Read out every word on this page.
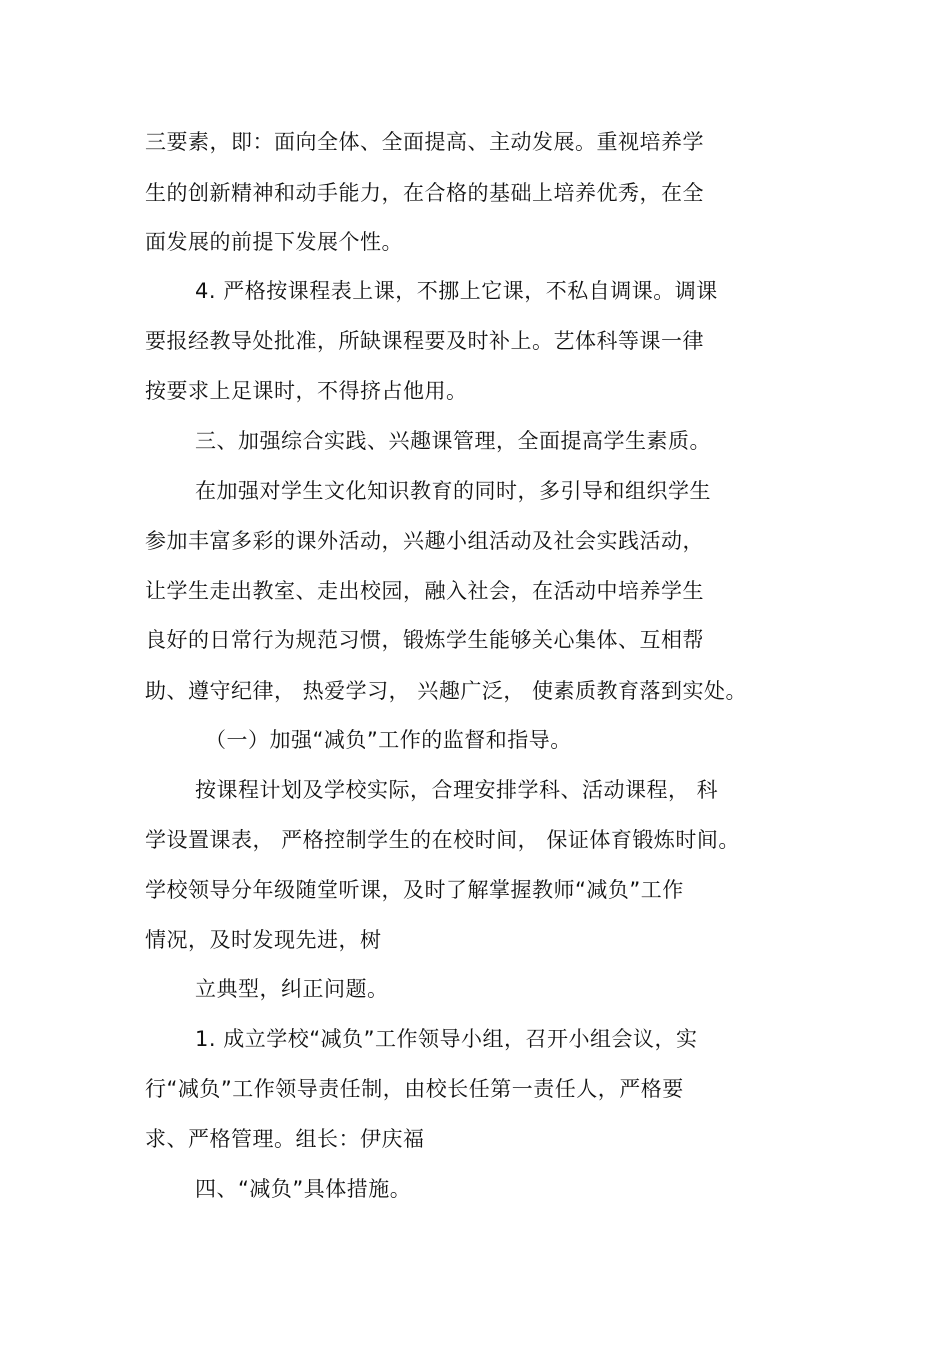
三要素，即：面向全体、全面提高、主动发展。重视培养学

生的创新精神和动手能力，在合格的基础上培养优秀，在全

面发展的前提下发展个性。

4. 严格按课程表上课，不挪上它课，不私自调课。调课

要报经教导处批准，所缺课程要及时补上。艺体科等课一律

按要求上足课时，不得挤占他用。

三、加强综合实践、兴趣课管理，全面提高学生素质。

在加强对学生文化知识教育的同时，多引导和组织学生

参加丰富多彩的课外活动，兴趣小组活动及社会实践活动，

让学生走出教室、走出校园，融入社会，在活动中培养学生

良好的日常行为规范习惯，锻炼学生能够关心集体、互相帮

助、遵守纪律， 热爱学习， 兴趣广泛， 使素质教育落到实处。

（一）加强“减负”工作的监督和指导。

按课程计划及学校实际，合理安排学科、活动课程， 科

学设置课表， 严格控制学生的在校时间， 保证体育锻炼时间。

学校领导分年级随堂听课，及时了解掌握教师“减负”工作

情况，及时发现先进，树

立典型，纠正问题。

1. 成立学校“减负”工作领导小组，召开小组会议，实

行“减负”工作领导责任制，由校长任第一责任人，严格要

求、严格管理。组长：伊庆福

四、“减负”具体措施。
